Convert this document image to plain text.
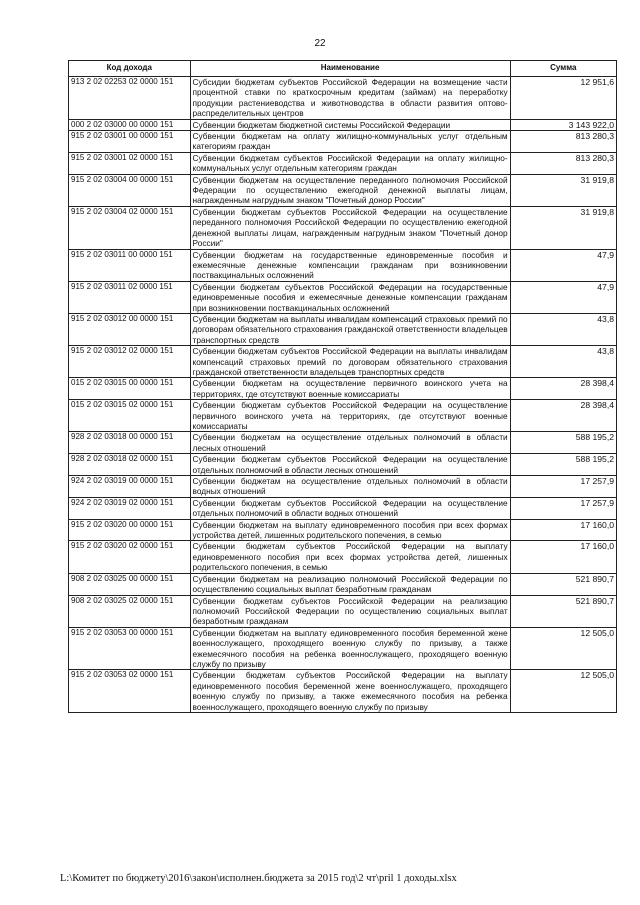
22
Код дохода	Наименование	Сумма
913 2 02 02253 02 0000 151	Субсидии бюджетам субъектов Российской Федерации на возмещение части процентной ставки по краткосрочным кредитам (займам) на переработку продукции растениеводства и животноводства в области развития оптово-распределительных центров	12 951,6
000 2 02 03000 00 0000 151	Субвенции бюджетам бюджетной системы Российской Федерации	3 143 922,0
915 2 02 03001 00 0000 151	Субвенции бюджетам на оплату жилищно-коммунальных услуг отдельным категориям граждан	813 280,3
915 2 02 03001 02 0000 151	Субвенции бюджетам субъектов Российской Федерации на оплату жилищно-коммунальных услуг отдельным категориям граждан	813 280,3
915 2 02 03004 00 0000 151	Субвенции бюджетам на осуществление переданного полномочия Российской Федерации по осуществлению ежегодной денежной выплаты лицам, награжденным нагрудным знаком "Почетный донор России"	31 919,8
915 2 02 03004 02 0000 151	Субвенции бюджетам субъектов Российской Федерации на осуществление переданного полномочия Российской Федерации по осуществлению ежегодной денежной выплаты лицам, награжденным нагрудным знаком "Почетный донор России"	31 919,8
915 2 02 03011 00 0000 151	Субвенции бюджетам на государственные единовременные пособия и ежемесячные денежные компенсации гражданам при возникновении поствакцинальных осложнений	47,9
915 2 02 03011 02 0000 151	Субвенции бюджетам субъектов Российской Федерации на государственные единовременные пособия и ежемесячные денежные компенсации гражданам при возникновении поствакцинальных осложнений	47,9
915 2 02 03012 00 0000 151	Субвенции бюджетам на выплаты инвалидам компенсаций страховых премий по договорам обязательного страхования гражданской ответственности владельцев транспортных средств	43,8
915 2 02 03012 02 0000 151	Субвенции бюджетам субъектов Российской Федерации на выплаты инвалидам компенсаций страховых премий по договорам обязательного страхования гражданской ответственности владельцев транспортных средств	43,8
015 2 02 03015 00 0000 151	Субвенции бюджетам на осуществление первичного воинского учета на территориях, где отсутствуют военные комиссариаты	28 398,4
015 2 02 03015 02 0000 151	Субвенции бюджетам субъектов Российской Федерации на осуществление первичного воинского учета на территориях, где отсутствуют военные комиссариаты	28 398,4
928 2 02 03018 00 0000 151	Субвенции бюджетам на осуществление отдельных полномочий в области лесных отношений	588 195,2
928 2 02 03018 02 0000 151	Субвенции бюджетам субъектов Российской Федерации на осуществление отдельных полномочий в области лесных отношений	588 195,2
924 2 02 03019 00 0000 151	Субвенции бюджетам на осуществление отдельных полномочий в области водных отношений	17 257,9
924 2 02 03019 02 0000 151	Субвенции бюджетам субъектов Российской Федерации на осуществление отдельных полномочий в области водных отношений	17 257,9
915 2 02 03020 00 0000 151	Субвенции бюджетам на выплату единовременного пособия при всех формах устройства детей, лишенных родительского попечения, в семью	17 160,0
915 2 02 03020 02 0000 151	Субвенции бюджетам субъектов Российской Федерации на выплату единовременного пособия при всех формах устройства детей, лишенных родительского попечения, в семью	17 160,0
908 2 02 03025 00 0000 151	Субвенции бюджетам на реализацию полномочий Российской Федерации по осуществлению социальных выплат безработным гражданам	521 890,7
908 2 02 03025 02 0000 151	Субвенции бюджетам субъектов Российской Федерации на реализацию полномочий Российской Федерации по осуществлению социальных выплат безработным гражданам	521 890,7
915 2 02 03053 00 0000 151	Субвенции бюджетам на выплату единовременного пособия беременной жене военнослужащего, проходящего военную службу по призыву, а также ежемесячного пособия на ребенка военнослужащего, проходящего военную службу по призыву	12 505,0
915 2 02 03053 02 0000 151	Субвенции бюджетам субъектов Российской Федерации на выплату единовременного пособия беременной жене военнослужащего, проходящего военную службу по призыву, а также ежемесячного пособия на ребенка военнослужащего, проходящего военную службу по призыву	12 505,0
L:\Комитет по бюджету\2016\закон\исполнен.бюджета за 2015 год\2 чт\pril 1 доходы.xlsx
